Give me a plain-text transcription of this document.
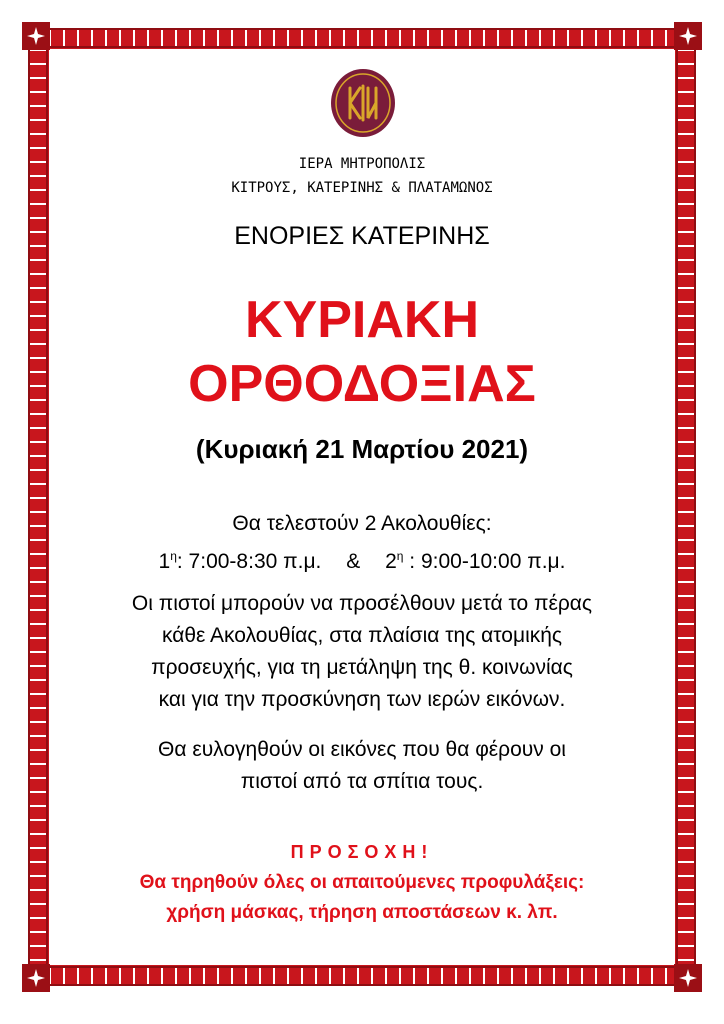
ΙΕΡΑ ΜΗΤΡΟΠΟΛΙΣ
ΚΙΤΡΟΥΣ, ΚΑΤΕΡΙΝΗΣ & ΠΛΑΤΑΜΩΝΟΣ
ΕΝΟΡΙΕΣ ΚΑΤΕΡΙΝΗΣ
ΚΥΡΙΑΚΗ
ΟΡΘΟΔΟΞΙΑΣ
(Κυριακή 21 Μαρτίου 2021)
Θα τελεστούν 2 Ακολουθίες:
$1^\eta$: 7:00-8:30 π.μ. & $2^\eta$ : 9:00-10:00 π.μ.
Οι πιστοί μπορούν να προσέλθουν μετά το πέρας
κάθε Ακολουθίας, στα πλαίσια της ατομικής
προσευχής, για τη μετάληψη της θ. κοινωνίας
και για την προσκύνηση των ιερών εικόνων.
Θα ευλογηθούν οι εικόνες που θα φέρουν οι
πιστοί από τα σπίτια τους.
ΠΡΟΣΟΧΗ!
Θα τηρηθούν όλες οι απαιτούμενες προφυλάξεις:
χρήση μάσκας, τήρηση αποστάσεων κ. λπ.
